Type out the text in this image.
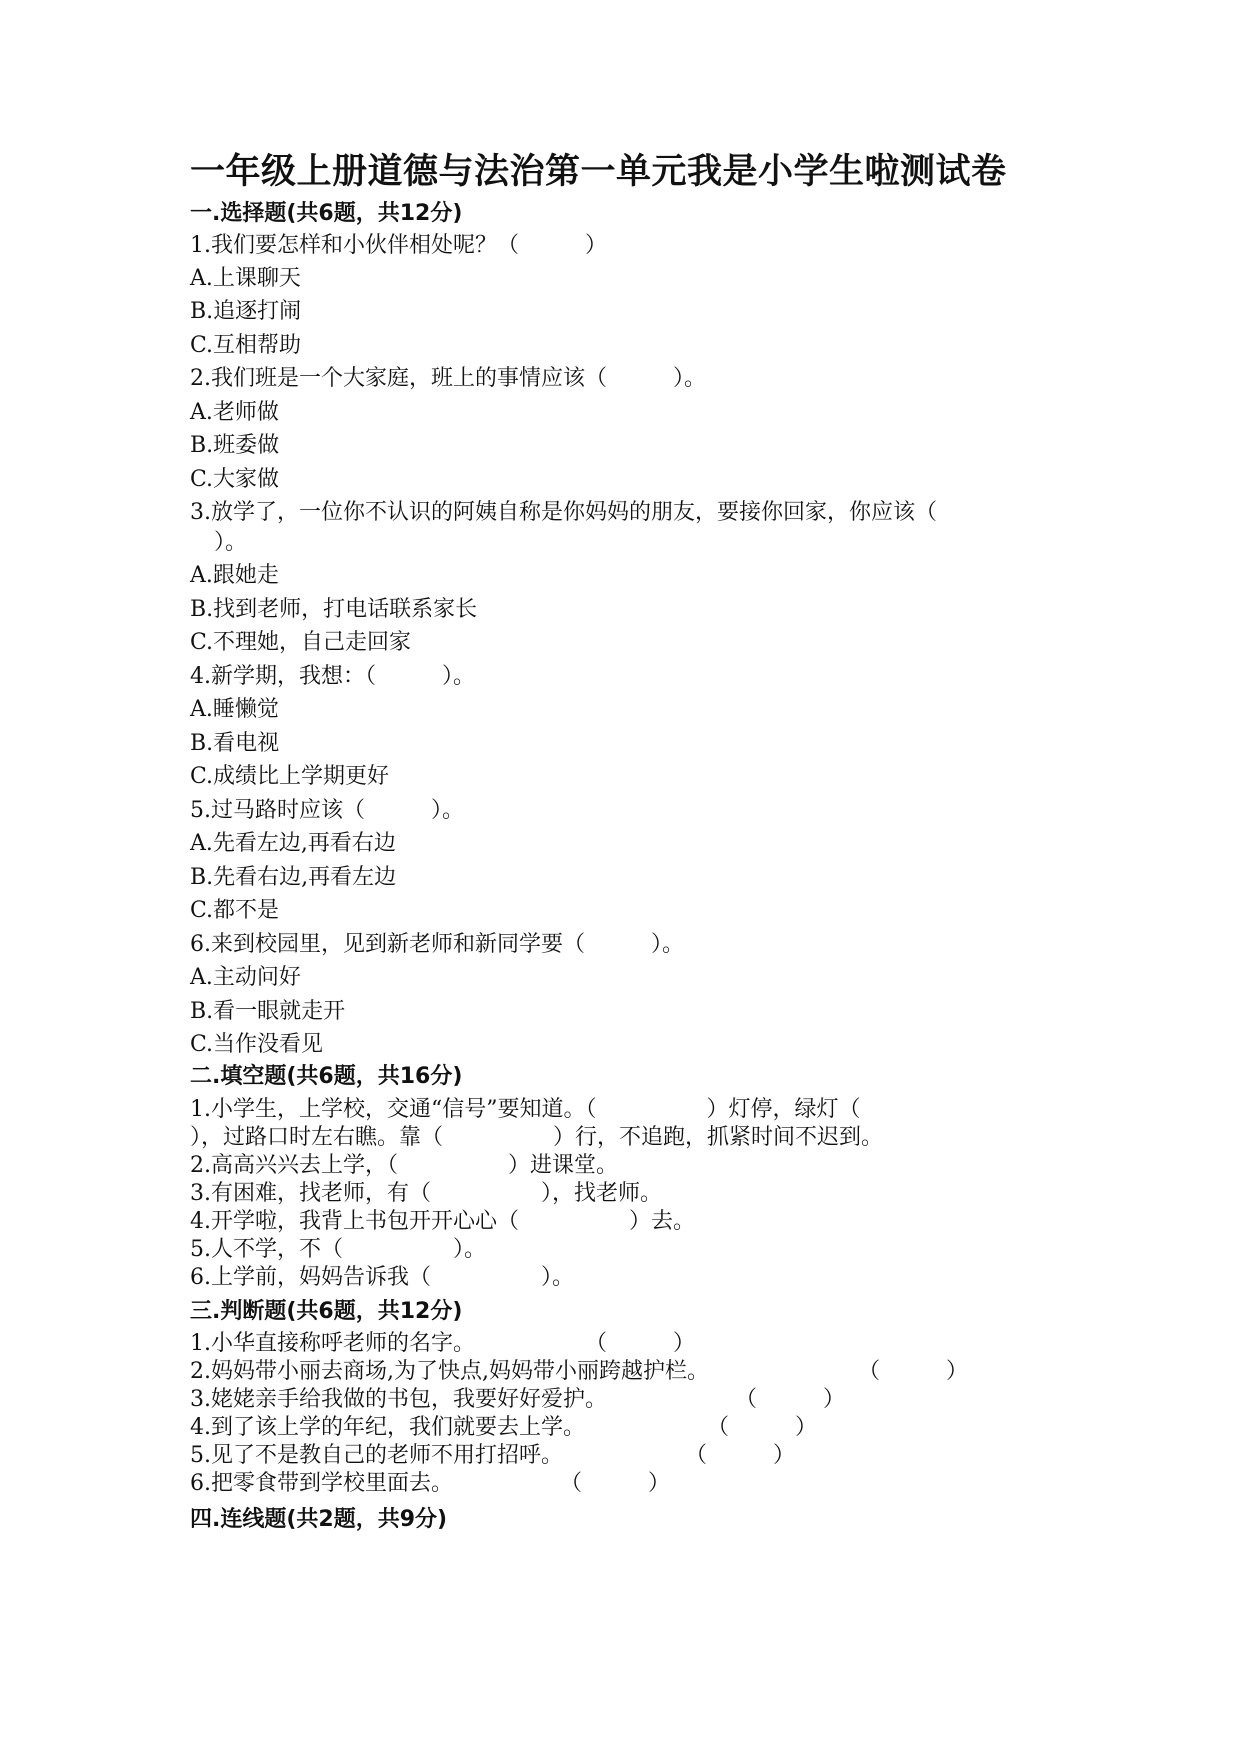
一年级上册道德与法治第一单元我是小学生啦测试卷
一.选择题(共6题，共12分)
1.我们要怎样和小伙伴相处呢？（　　　）
A.上课聊天
B.追逐打闹
C.互相帮助
2.我们班是一个大家庭，班上的事情应该（　　　）。
A.老师做
B.班委做
C.大家做
3.放学了，一位你不认识的阿姨自称是你妈妈的朋友，要接你回家，你应该（
）。
A.跟她走
B.找到老师，打电话联系家长
C.不理她，自己走回家
4.新学期，我想：（　　　）。
A.睡懒觉
B.看电视
C.成绩比上学期更好
5.过马路时应该（　　　）。
A.先看左边,再看右边
B.先看右边,再看左边
C.都不是
6.来到校园里，见到新老师和新同学要（　　　）。
A.主动问好
B.看一眼就走开
C.当作没看见
二.填空题(共6题，共16分)
1.小学生，上学校，交通“信号”要知道。（　　　　　）灯停，绿灯（
），过路口时左右瞧。靠（　　　　　）行，不追跑，抓紧时间不迟到。
2.高高兴兴去上学，（　　　　　）进课堂。
3.有困难，找老师，有（　　　　　），找老师。
4.开学啦，我背上书包开开心心（　　　　　）去。
5.人不学，不（　　　　　）。
6.上学前，妈妈告诉我（　　　　　）。
三.判断题(共6题，共12分)
1.小华直接称呼老师的名字。	（　　　）
2.妈妈带小丽去商场,为了快点,妈妈带小丽跨越护栏。	（　　　）
3.姥姥亲手给我做的书包，我要好好爱护。	（　　　）
4.到了该上学的年纪，我们就要去上学。	（　　　）
5.见了不是教自己的老师不用打招呼。	（　　　）
6.把零食带到学校里面去。	（　　　）
四.连线题(共2题，共9分)
